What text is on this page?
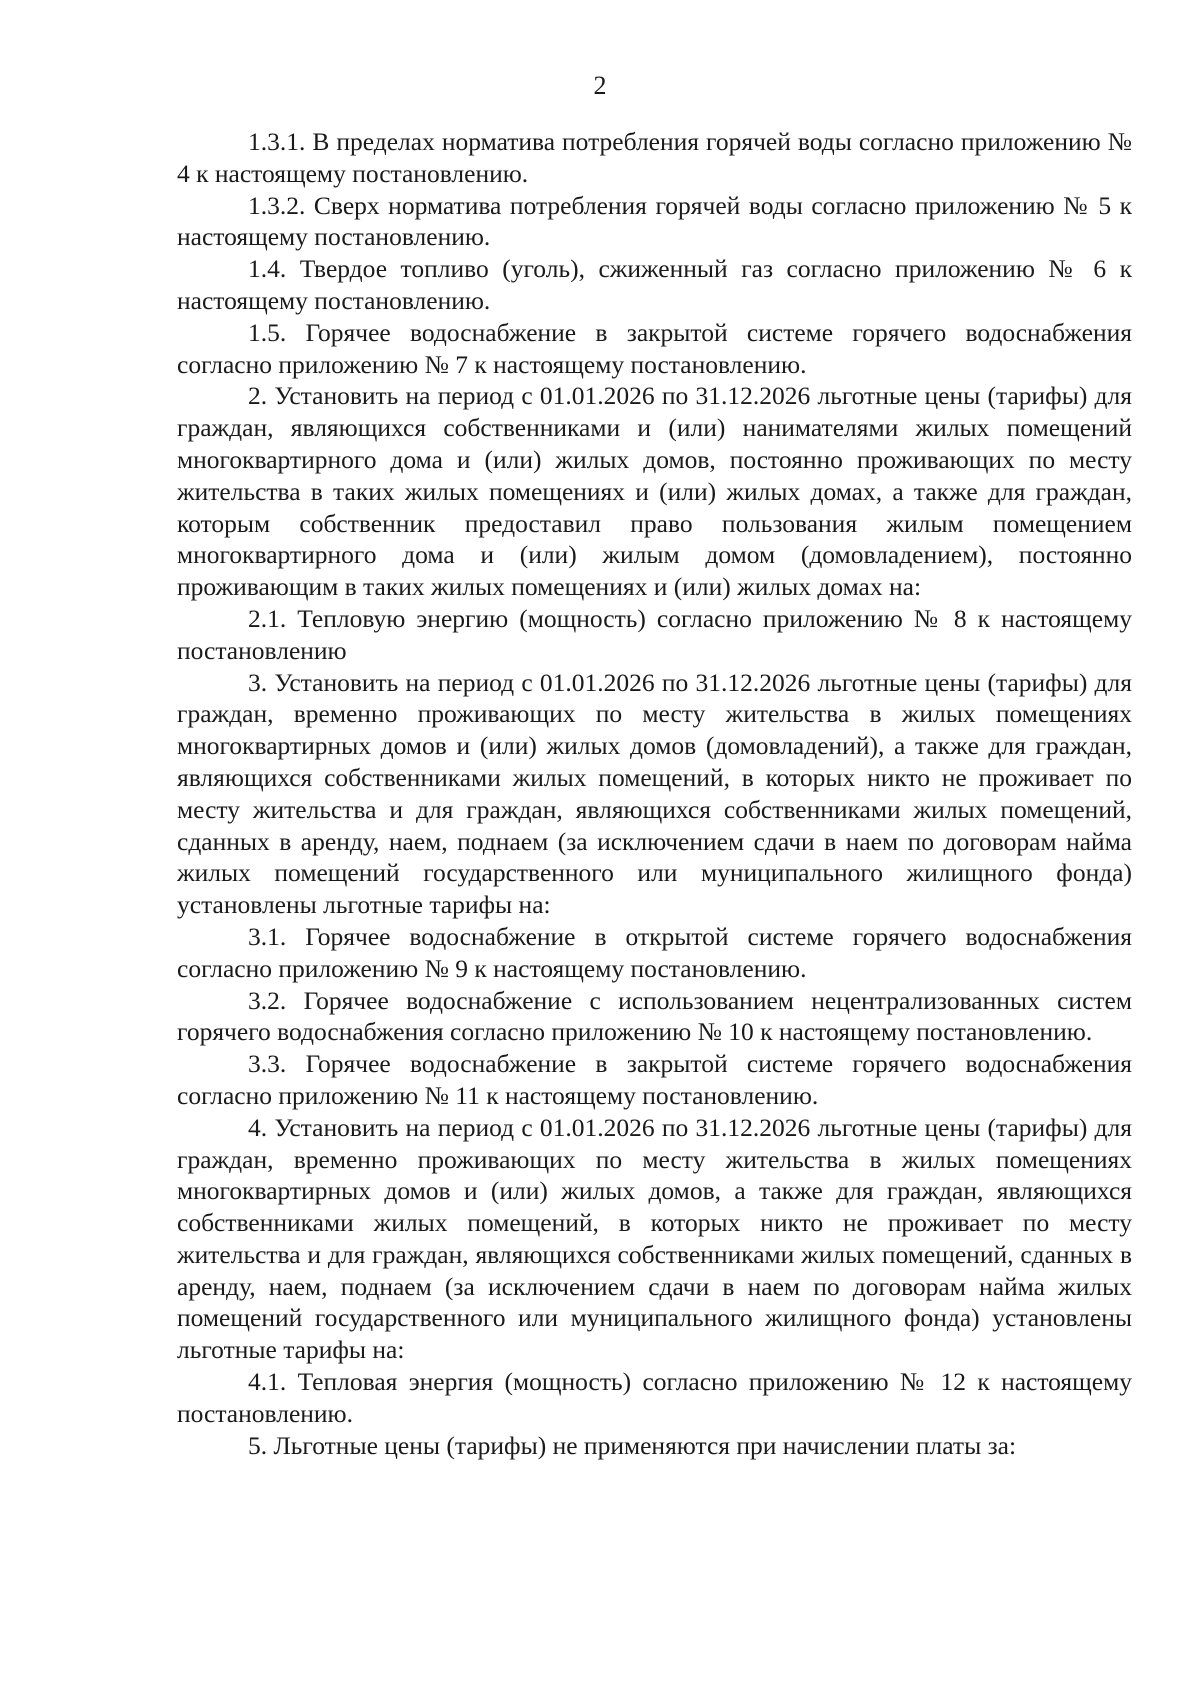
2

1.3.1. В пределах норматива потребления горячей воды согласно приложению № 4 к настоящему постановлению.

1.3.2. Сверх норматива потребления горячей воды согласно приложению № 5 к настоящему постановлению.

1.4. Твердое топливо (уголь), сжиженный газ согласно приложению № 6 к настоящему постановлению.

1.5. Горячее водоснабжение в закрытой системе горячего водоснабжения согласно приложению № 7 к настоящему постановлению.

2. Установить на период с 01.01.2026 по 31.12.2026 льготные цены (тарифы) для граждан, являющихся собственниками и (или) нанимателями жилых помещений многоквартирного дома и (или) жилых домов, постоянно проживающих по месту жительства в таких жилых помещениях и (или) жилых домах, а также для граждан, которым собственник предоставил право пользования жилым помещением многоквартирного дома и (или) жилым домом (домовладением), постоянно проживающим в таких жилых помещениях и (или) жилых домах на:

2.1. Тепловую энергию (мощность) согласно приложению № 8 к настоящему постановлению

3. Установить на период с 01.01.2026 по 31.12.2026 льготные цены (тарифы) для граждан, временно проживающих по месту жительства в жилых помещениях многоквартирных домов и (или) жилых домов (домовладений), а также для граждан, являющихся собственниками жилых помещений, в которых никто не проживает по месту жительства и для граждан, являющихся собственниками жилых помещений, сданных в аренду, наем, поднаем (за исключением сдачи в наем по договорам найма жилых помещений государственного или муниципального жилищного фонда) установлены льготные тарифы на:

3.1. Горячее водоснабжение в открытой системе горячего водоснабжения согласно приложению № 9 к настоящему постановлению.

3.2. Горячее водоснабжение с использованием нецентрализованных систем горячего водоснабжения согласно приложению № 10 к настоящему постановлению.

3.3. Горячее водоснабжение в закрытой системе горячего водоснабжения согласно приложению № 11 к настоящему постановлению.

4. Установить на период с 01.01.2026 по 31.12.2026 льготные цены (тарифы) для граждан, временно проживающих по месту жительства в жилых помещениях многоквартирных домов и (или) жилых домов, а также для граждан, являющихся собственниками жилых помещений, в которых никто не проживает по месту жительства и для граждан, являющихся собственниками жилых помещений, сданных в аренду, наем, поднаем (за исключением сдачи в наем по договорам найма жилых помещений государственного или муниципального жилищного фонда) установлены льготные тарифы на:

4.1. Тепловая энергия (мощность) согласно приложению № 12 к настоящему постановлению.

5. Льготные цены (тарифы) не применяются при начислении платы за:
